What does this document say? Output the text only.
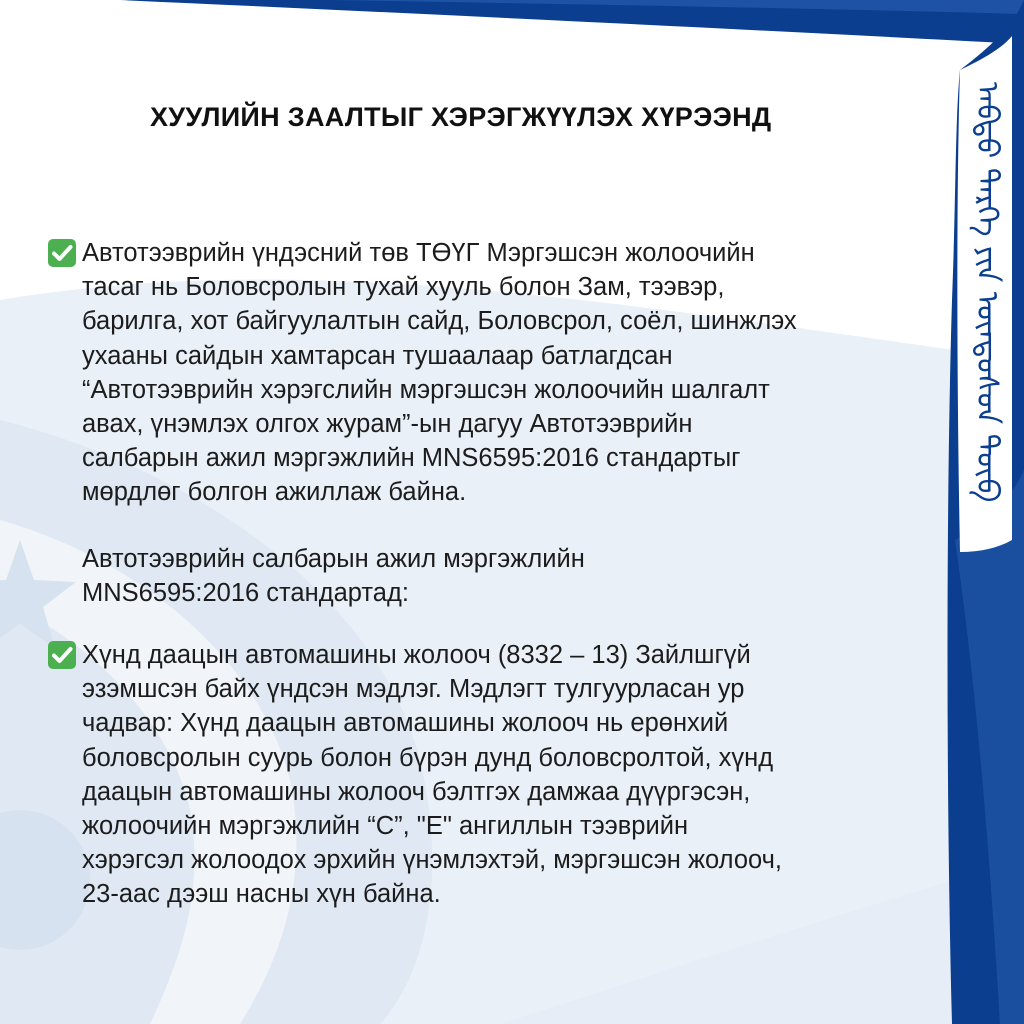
ХУУЛИЙН ЗААЛТЫГ ХЭРЭГЖҮҮЛЭХ ХҮРЭЭНД
Автотээврийн үндэсний төв ТӨҮГ Мэргэшсэн жолоочийн
тасаг нь Боловсролын тухай хууль болон Зам, тээвэр,
барилга, хот байгуулалтын сайд, Боловсрол, соёл, шинжлэх
ухааны сайдын хамтарсан тушаалаар батлагдсан
“Автотээврийн хэрэгслийн мэргэшсэн жолоочийн шалгалт
авах, үнэмлэх олгох журам”-ын дагуу Автотээврийн
салбарын ажил мэргэжлийн MNS6595:2016 стандартыг
мөрдлөг болгон ажиллаж байна.
Автотээврийн салбарын ажил мэргэжлийн
MNS6595:2016 стандартад:
Хүнд даацын автомашины жолооч (8332 – 13) Зайлшгүй
эзэмшсэн байх үндсэн мэдлэг. Мэдлэгт тулгуурласан ур
чадвар: Хүнд даацын автомашины жолооч нь ерөнхий
боловсролын суурь болон бүрэн дунд боловсролтой, хүнд
даацын автомашины жолооч бэлтгэх дамжаа дүүргэсэн,
жолоочийн мэргэжлийн “С”, "Е" ангиллын тээврийн
хэрэгсэл жолоодох эрхийн үнэмлэхтэй, мэргэшсэн жолооч,
23-аас дээш насны хүн байна.
ᠠᠪᠲᠣ ᠲᠡᠷᠭᠡ ᠶᠢᠨ ᠦᠨᠳᠦᠰᠦᠨ ᠲᠥᠪ
